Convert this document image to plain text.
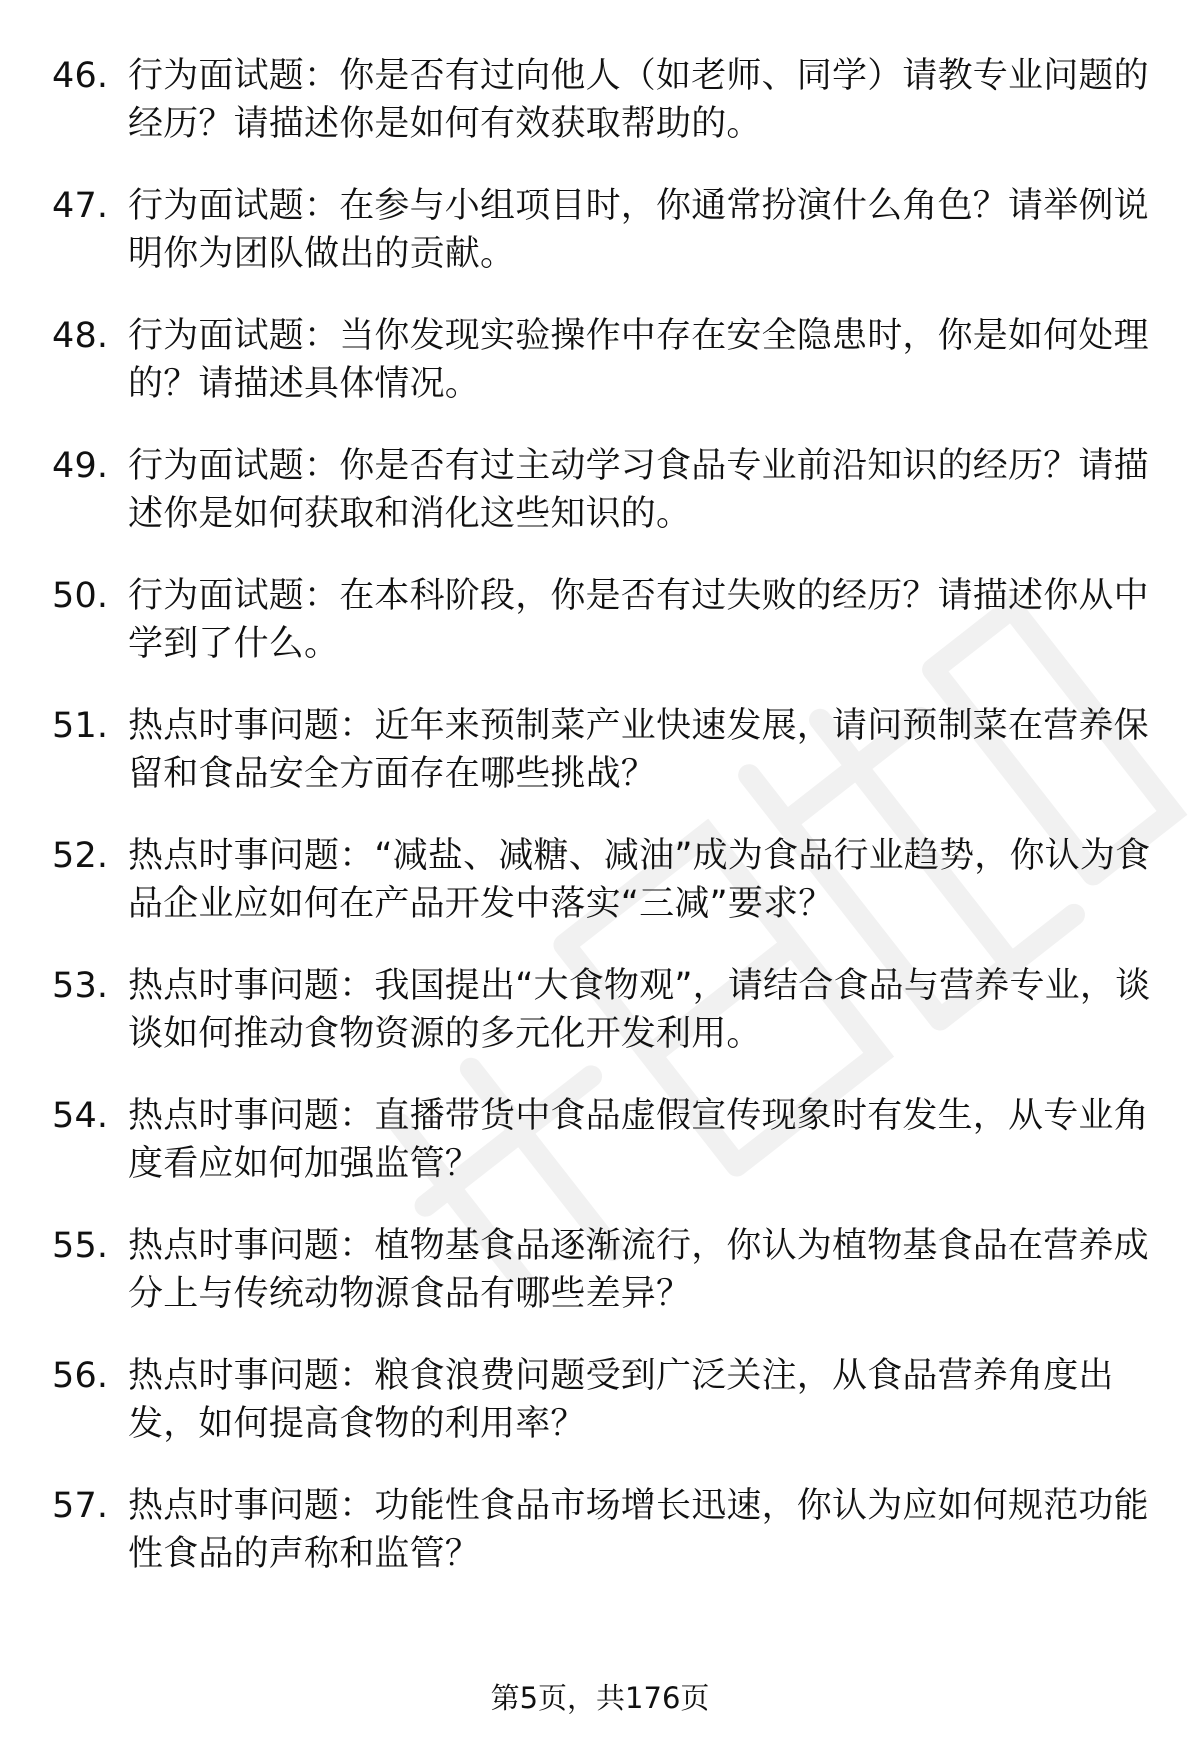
46. 行为面试题：你是否有过向他人（如老师、同学）请教专业问题的经历？请描述你是如何有效获取帮助的。
47. 行为面试题：在参与小组项目时，你通常扮演什么角色？请举例说明你为团队做出的贡献。
48. 行为面试题：当你发现实验操作中存在安全隐患时，你是如何处理的？请描述具体情况。
49. 行为面试题：你是否有过主动学习食品专业前沿知识的经历？请描述你是如何获取和消化这些知识的。
50. 行为面试题：在本科阶段，你是否有过失败的经历？请描述你从中学到了什么。
51. 热点时事问题：近年来预制菜产业快速发展，请问预制菜在营养保留和食品安全方面存在哪些挑战？
52. 热点时事问题：“减盐、减糖、减油”成为食品行业趋势，你认为食品企业应如何在产品开发中落实“三减”要求？
53. 热点时事问题：我国提出“大食物观”，请结合食品与营养专业，谈谈如何推动食物资源的多元化开发利用。
54. 热点时事问题：直播带货中食品虚假宣传现象时有发生，从专业角度看应如何加强监管？
55. 热点时事问题：植物基食品逐渐流行，你认为植物基食品在营养成分上与传统动物源食品有哪些差异？
56. 热点时事问题：粮食浪费问题受到广泛关注，从食品营养角度出发，如何提高食物的利用率？
57. 热点时事问题：功能性食品市场增长迅速，你认为应如何规范功能性食品的声称和监管？
第5页，共176页
